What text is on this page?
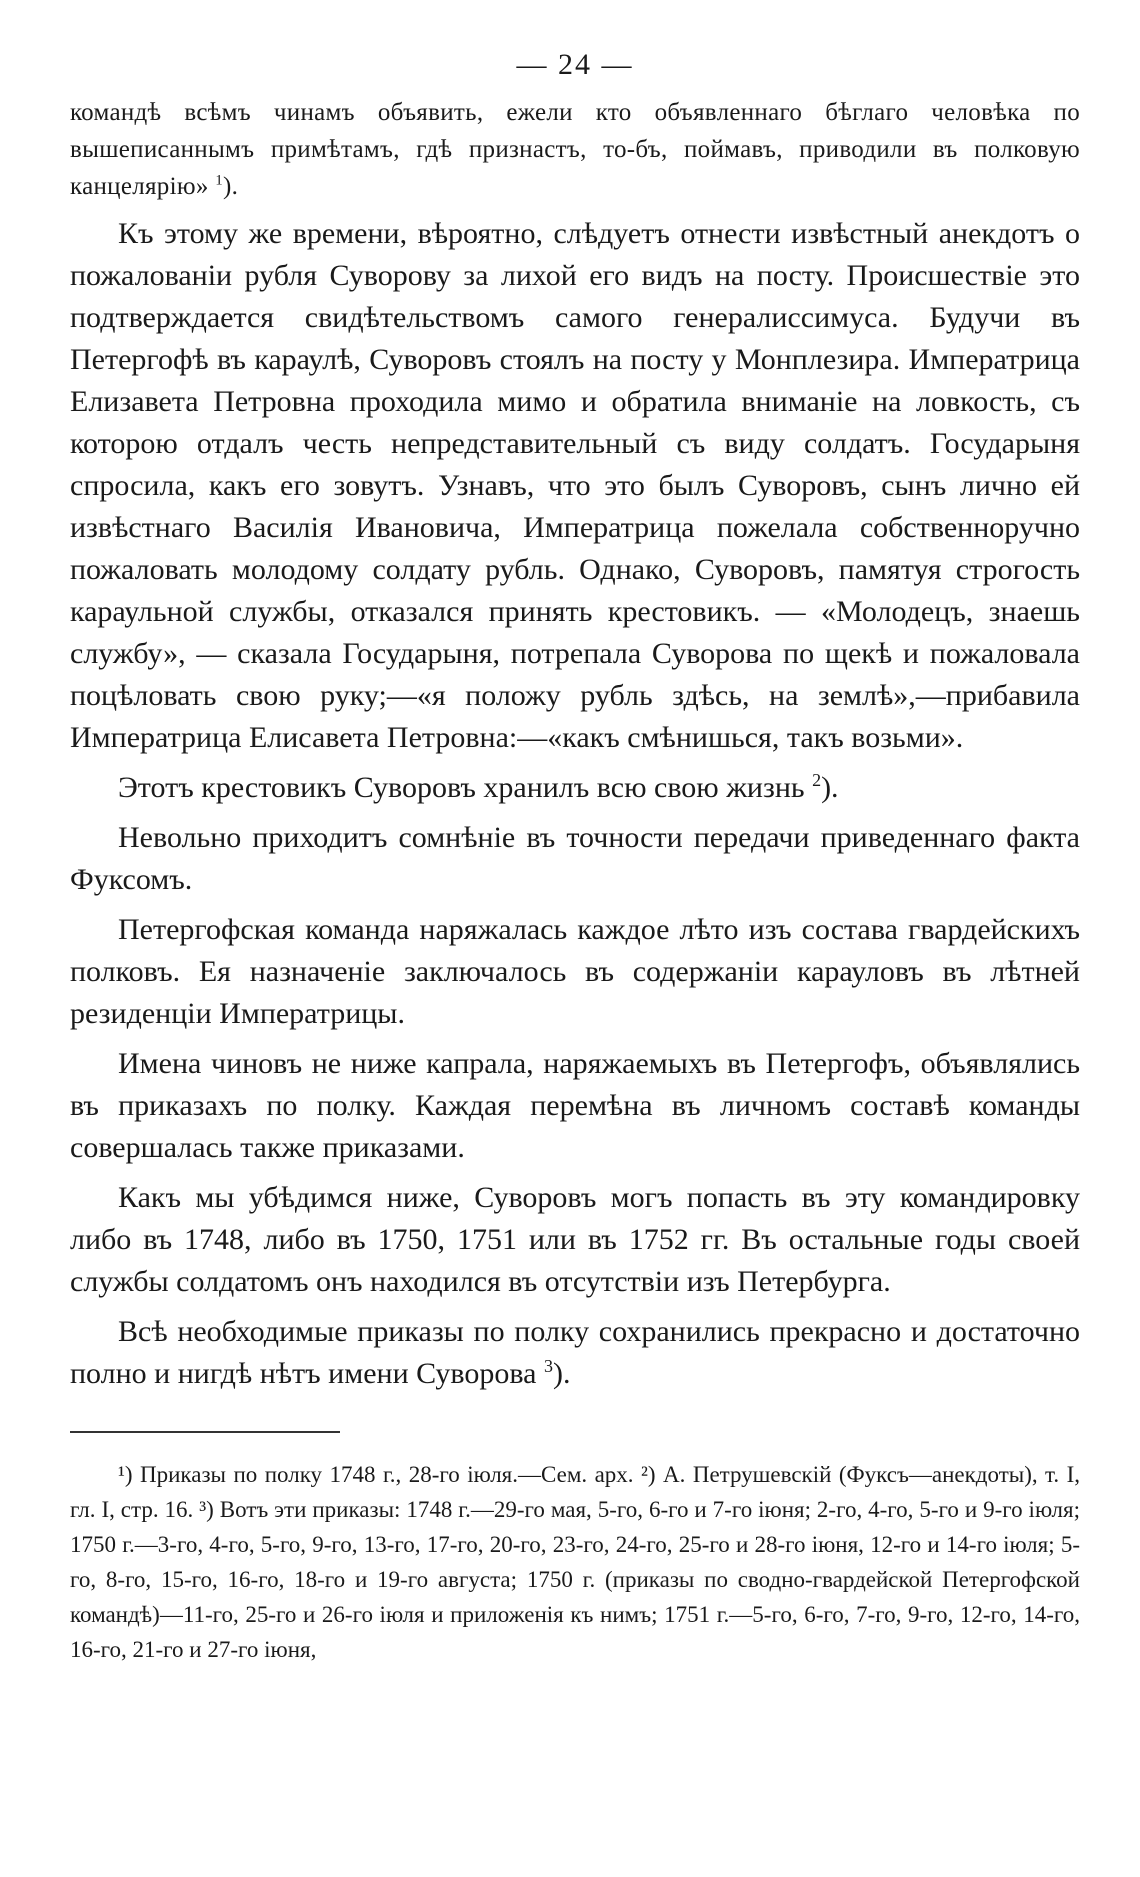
— 24 —

командѣ всѣмъ чинамъ объявить, ежели кто объявленнаго бѣглаго человѣка по вышеписаннымъ примѣтамъ, гдѣ признастъ, то-бъ, поймавъ, приводили въ полковую канцелярію» $^1$).

Къ этому же времени, вѣроятно, слѣдуетъ отнести извѣстный анекдотъ о пожалованіи рубля Суворову за лихой его видъ на посту. Происшествіе это подтверждается свидѣтельствомъ самого генералиссимуса. Будучи въ Петергофѣ въ караулѣ, Суворовъ стоялъ на посту у Монплезира. Императрица Елизавета Петровна проходила мимо и обратила вниманіе на ловкость, съ которою отдалъ честь непредставительный съ виду солдатъ. Государыня спросила, какъ его зовутъ. Узнавъ, что это былъ Суворовъ, сынъ лично ей извѣстнаго Василія Ивановича, Императрица пожелала собственноручно пожаловать молодому солдату рубль. Однако, Суворовъ, памятуя строгость караульной службы, отказался принять крестовикъ. — «Молодецъ, знаешь службу», — сказала Государыня, потрепала Суворова по щекѣ и пожаловала поцѣловать свою руку;—«я положу рубль здѣсь, на землѣ»,—прибавила Императрица Елисавета Петровна:—«какъ смѣнишься, такъ возьми».

Этотъ крестовикъ Суворовъ хранилъ всю свою жизнь $^2$).

Невольно приходитъ сомнѣніе въ точности передачи приведеннаго факта Фуксомъ.

Петергофская команда наряжалась каждое лѣто изъ состава гвардейскихъ полковъ. Ея назначеніе заключалось въ содержаніи карауловъ въ лѣтней резиденціи Императрицы.

Имена чиновъ не ниже капрала, наряжаемыхъ въ Петергофъ, объявлялись въ приказахъ по полку. Каждая перемѣна въ личномъ составѣ команды совершалась также приказами.

Какъ мы убѣдимся ниже, Суворовъ могъ попасть въ эту командировку либо въ 1748, либо въ 1750, 1751 или въ 1752 гг. Въ остальные годы своей службы солдатомъ онъ находился въ отсутствіи изъ Петербурга.

Всѣ необходимые приказы по полку сохранились прекрасно и достаточно полно и нигдѣ нѣтъ имени Суворова $^3$).

¹) Приказы по полку 1748 г., 28-го іюля.—Сем. арх. ²) А. Петрушевскій (Фуксъ—анекдоты), т. I, гл. I, стр. 16. ³) Вотъ эти приказы: 1748 г.—29-го мая, 5-го, 6-го и 7-го іюня; 2-го, 4-го, 5-го и 9-го іюля; 1750 г.—3-го, 4-го, 5-го, 9-го, 13-го, 17-го, 20-го, 23-го, 24-го, 25-го и 28-го іюня, 12-го и 14-го іюля; 5-го, 8-го, 15-го, 16-го, 18-го и 19-го августа; 1750 г. (приказы по сводно-гвардейской Петергофской командѣ)—11-го, 25-го и 26-го іюля и приложенія къ нимъ; 1751 г.—5-го, 6-го, 7-го, 9-го, 12-го, 14-го, 16-го, 21-го и 27-го іюня,
